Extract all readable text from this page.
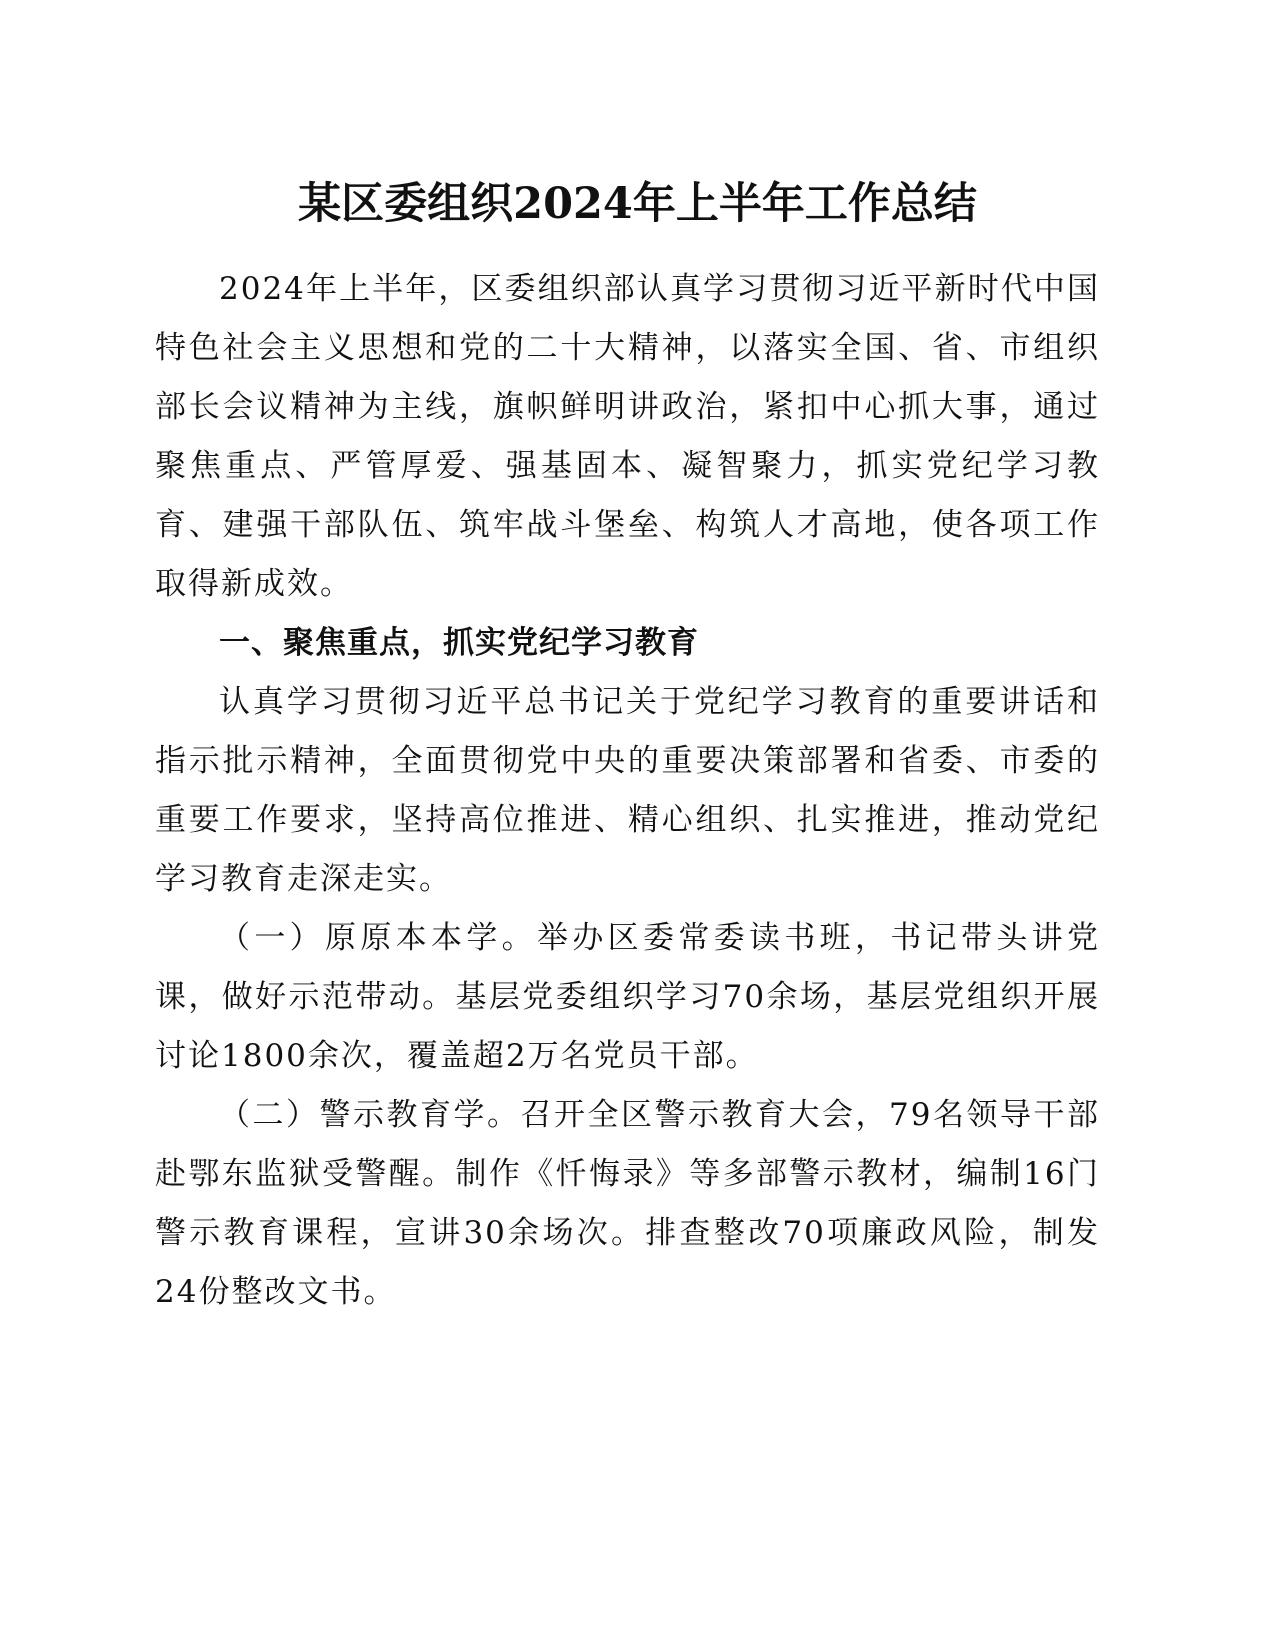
某区委组织2024年上半年工作总结

2024年上半年，区委组织部认真学习贯彻习近平新时代中国特色社会主义思想和党的二十大精神，以落实全国、省、市组织部长会议精神为主线，旗帜鲜明讲政治，紧扣中心抓大事，通过聚焦重点、严管厚爱、强基固本、凝智聚力，抓实党纪学习教育、建强干部队伍、筑牢战斗堡垒、构筑人才高地，使各项工作取得新成效。

一、聚焦重点，抓实党纪学习教育

认真学习贯彻习近平总书记关于党纪学习教育的重要讲话和指示批示精神，全面贯彻党中央的重要决策部署和省委、市委的重要工作要求，坚持高位推进、精心组织、扎实推进，推动党纪学习教育走深走实。

（一）原原本本学。举办区委常委读书班，书记带头讲党课，做好示范带动。基层党委组织学习70余场，基层党组织开展讨论1800余次，覆盖超2万名党员干部。

（二）警示教育学。召开全区警示教育大会，79名领导干部赴鄂东监狱受警醒。制作《忏悔录》等多部警示教材，编制16门警示教育课程，宣讲30余场次。排查整改70项廉政风险，制发24份整改文书。
